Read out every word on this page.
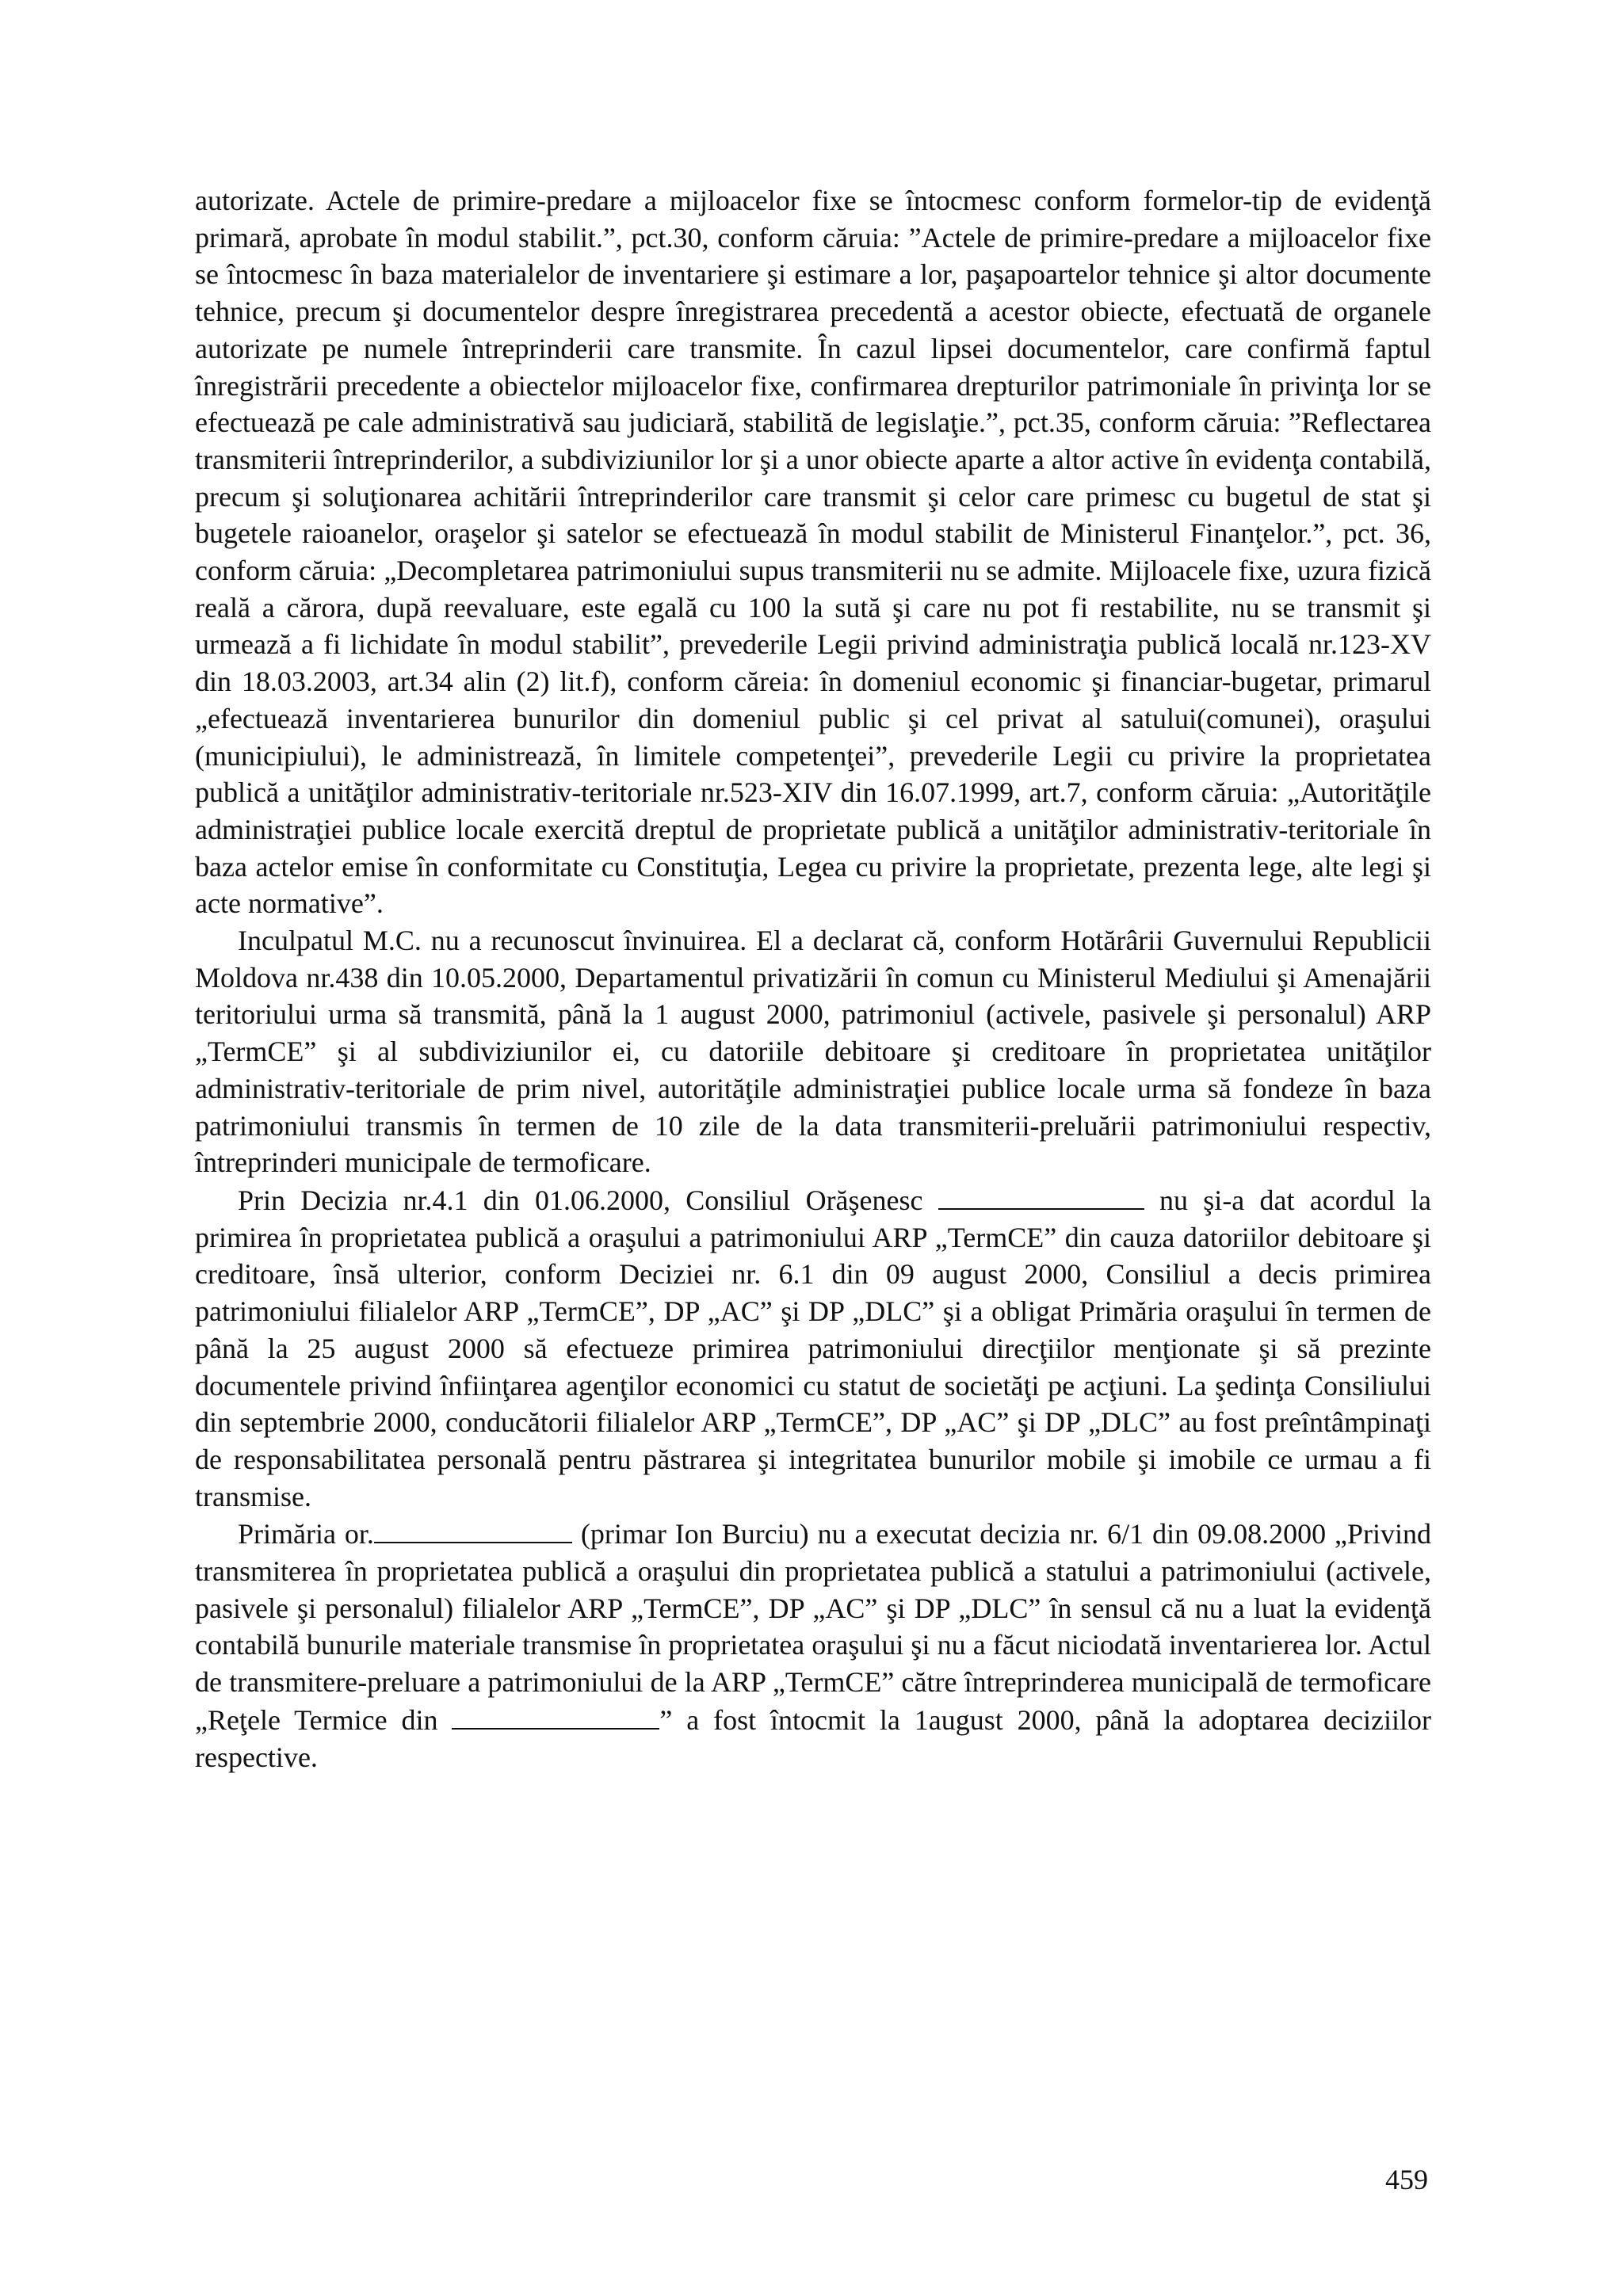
autorizate. Actele de primire-predare a mijloacelor fixe se întocmesc conform formelor-tip de evidenţă primară, aprobate în modul stabilit.”, pct.30, conform căruia: ”Actele de primire-predare a mijloacelor fixe se întocmesc în baza materialelor de inventariere şi estimare a lor, paşapoartelor tehnice şi altor documente tehnice, precum şi documentelor despre înregistrarea precedentă a acestor obiecte, efectuată de organele autorizate pe numele întreprinderii care transmite. În cazul lipsei documentelor, care confirmă faptul înregistrării precedente a obiectelor mijloacelor fixe, confirmarea drepturilor patrimoniale în privinţa lor se efectuează pe cale administrativă sau judiciară, stabilită de legislaţie.”, pct.35, conform căruia: ”Reflectarea transmiterii întreprinderilor, a subdiviziunilor lor şi a unor obiecte aparte a altor active în evidenţa contabilă, precum şi soluţionarea achitării întreprinderilor care transmit şi celor care primesc cu bugetul de stat şi bugetele raioanelor, oraşelor şi satelor se efectuează în modul stabilit de Ministerul Finanţelor.”, pct. 36, conform căruia: „Decompletarea patrimoniului supus transmiterii nu se admite. Mijloacele fixe, uzura fizică reală a cărora, după reevaluare, este egală cu 100 la sută şi care nu pot fi restabilite, nu se transmit şi urmează a fi lichidate în modul stabilit”, prevederile Legii privind administraţia publică locală nr.123-XV din 18.03.2003, art.34 alin (2) lit.f), conform căreia: în domeniul economic şi financiar-bugetar, primarul „efectuează inventarierea bunurilor din domeniul public şi cel privat al satului(comunei), oraşului (municipiului), le administrează, în limitele competenţei”, prevederile Legii cu privire la proprietatea publică a unităţilor administrativ-teritoriale nr.523-XIV din 16.07.1999, art.7, conform căruia: „Autorităţile administraţiei publice locale exercită dreptul de proprietate publică a unităţilor administrativ-teritoriale în baza actelor emise în conformitate cu Constituţia, Legea cu privire la proprietate, prezenta lege, alte legi şi acte normative”.

Inculpatul M.C. nu a recunoscut învinuirea. El a declarat că, conform Hotărârii Guvernului Republicii Moldova nr.438 din 10.05.2000, Departamentul privatizării în comun cu Ministerul Mediului şi Amenajării teritoriului urma să transmită, până la 1 august 2000, patrimoniul (activele, pasivele şi personalul) ARP „TermCE” şi al subdiviziunilor ei, cu datoriile debitoare şi creditoare în proprietatea unităţilor administrativ-teritoriale de prim nivel, autorităţile administraţiei publice locale urma să fondeze în baza patrimoniului transmis în termen de 10 zile de la data transmiterii-preluării patrimoniului respectiv, întreprinderi municipale de termoficare.

Prin Decizia nr.4.1 din 01.06.2000, Consiliul Orăşenesc	nu şi-a dat acordul la primirea în proprietatea publică a oraşului a patrimoniului ARP „TermCE” din cauza datoriilor debitoare şi creditoare, însă ulterior, conform Deciziei nr. 6.1 din 09 august 2000, Consiliul a decis primirea patrimoniului filialelor ARP „TermCE”, DP „AC” şi DP „DLC” şi a obligat Primăria oraşului în termen de până la 25 august 2000 să efectueze primirea patrimoniului direcţiilor menţionate şi să prezinte documentele privind înfiinţarea agenţilor economici cu statut de societăţi pe acţiuni. La şedinţa Consiliului din septembrie 2000, conducătorii filialelor ARP „TermCE”, DP „AC” şi DP „DLC” au fost preîntâmpinaţi de responsabilitatea personală pentru păstrarea şi integritatea bunurilor mobile şi imobile ce urmau a fi transmise.

Primăria or.	(primar Ion Burciu) nu a executat decizia nr. 6/1 din 09.08.2000 „Privind transmiterea în proprietatea publică a oraşului din proprietatea publică a statului a patrimoniului (activele, pasivele şi personalul) filialelor ARP „TermCE”, DP „AC” şi DP „DLC” în sensul că nu a luat la evidenţă contabilă bunurile materiale transmise în proprietatea oraşului şi nu a făcut niciodată inventarierea lor. Actul de transmitere-preluare a patrimoniului de la ARP „TermCE” către întreprinderea municipală de termoficare „Reţele Termice din	” a fost întocmit la 1august 2000, până la adoptarea deciziilor respective.

459
